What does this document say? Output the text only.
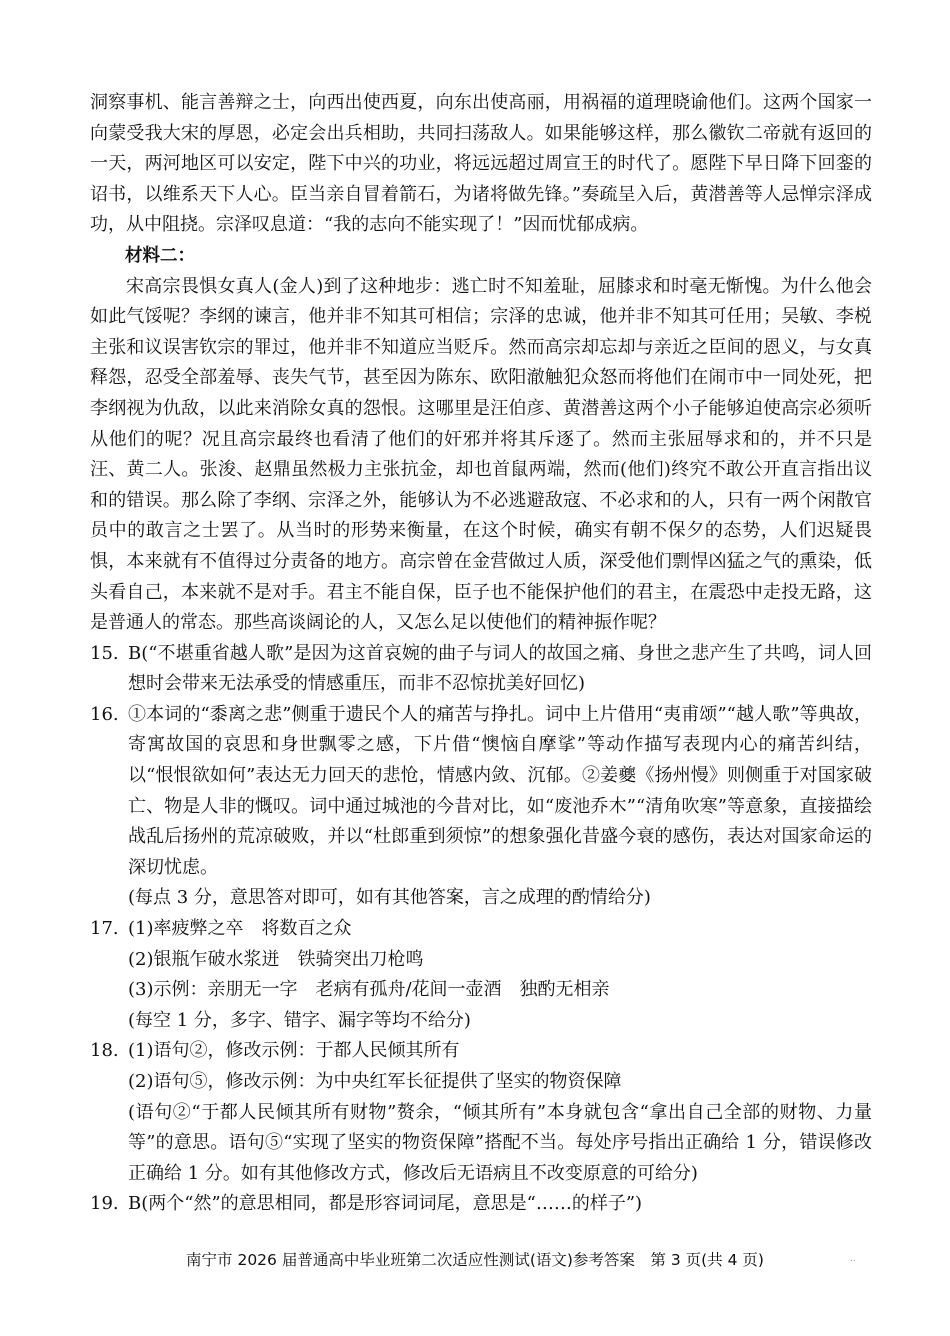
洞察事机、能言善辩之士，向西出使西夏，向东出使高丽，用祸福的道理晓谕他们。这两个国家一向蒙受我大宋的厚恩，必定会出兵相助，共同扫荡敌人。如果能够这样，那么徽钦二帝就有返回的一天，两河地区可以安定，陛下中兴的功业，将远远超过周宣王的时代了。愿陛下早日降下回銮的诏书，以维系天下人心。臣当亲自冒着箭石，为诸将做先锋。”奏疏呈入后，黄潜善等人忌惮宗泽成功，从中阻挠。宗泽叹息道：“我的志向不能实现了！”因而忧郁成病。

材料二：

宋高宗畏惧女真人(金人)到了这种地步：逃亡时不知羞耻，屈膝求和时毫无惭愧。为什么他会如此气馁呢？李纲的谏言，他并非不知其可相信；宗泽的忠诚，他并非不知其可任用；吴敏、李棁主张和议误害钦宗的罪过，他并非不知道应当贬斥。然而高宗却忘却与亲近之臣间的恩义，与女真释怨，忍受全部羞辱、丧失气节，甚至因为陈东、欧阳澈触犯众怒而将他们在闹市中一同处死，把李纲视为仇敌，以此来消除女真的怨恨。这哪里是汪伯彦、黄潜善这两个小子能够迫使高宗必须听从他们的呢？况且高宗最终也看清了他们的奸邪并将其斥逐了。然而主张屈辱求和的，并不只是汪、黄二人。张浚、赵鼎虽然极力主张抗金，却也首鼠两端，然而(他们)终究不敢公开直言指出议和的错误。那么除了李纲、宗泽之外，能够认为不必逃避敌寇、不必求和的人，只有一两个闲散官员中的敢言之士罢了。从当时的形势来衡量，在这个时候，确实有朝不保夕的态势，人们迟疑畏惧，本来就有不值得过分责备的地方。高宗曾在金营做过人质，深受他们剽悍凶猛之气的熏染，低头看自己，本来就不是对手。君主不能自保，臣子也不能保护他们的君主，在震恐中走投无路，这是普通人的常态。那些高谈阔论的人，又怎么足以使他们的精神振作呢？

15. B(“不堪重省越人歌”是因为这首哀婉的曲子与词人的故国之痛、身世之悲产生了共鸣，词人回想时会带来无法承受的情感重压，而非不忍惊扰美好回忆)
16. ①本词的“黍离之悲”侧重于遗民个人的痛苦与挣扎。词中上片借用“夷甫颂”“越人歌”等典故，寄寓故国的哀思和身世飘零之感，下片借“懊恼自摩挲”等动作描写表现内心的痛苦纠结，以“恨恨欲如何”表达无力回天的悲怆，情感内敛、沉郁。②姜夔《扬州慢》则侧重于对国家破亡、物是人非的慨叹。词中通过城池的今昔对比，如“废池乔木”“清角吹寒”等意象，直接描绘战乱后扬州的荒凉破败，并以“杜郎重到须惊”的想象强化昔盛今衰的感伤，表达对国家命运的深切忧虑。

(每点 3 分，意思答对即可，如有其他答案，言之成理的酌情给分)

17. (1)率疲弊之卒　将数百之众

(2)银瓶乍破水浆迸　铁骑突出刀枪鸣

(3)示例：亲朋无一字　老病有孤舟/花间一壶酒　独酌无相亲

(每空 1 分，多字、错字、漏字等均不给分)

18. (1)语句②，修改示例：于都人民倾其所有

(2)语句⑤，修改示例：为中央红军长征提供了坚实的物资保障

(语句②“于都人民倾其所有财物”赘余，“倾其所有”本身就包含“拿出自己全部的财物、力量等”的意思。语句⑤“实现了坚实的物资保障”搭配不当。每处序号指出正确给 1 分，错误修改正确给 1 分。如有其他修改方式，修改后无语病且不改变原意的可给分)

19. B(两个“然”的意思相同，都是形容词词尾，意思是“……的样子”)
南宁市 2026 届普通高中毕业班第二次适应性测试(语文)参考答案　第 3 页(共 4 页)	..
